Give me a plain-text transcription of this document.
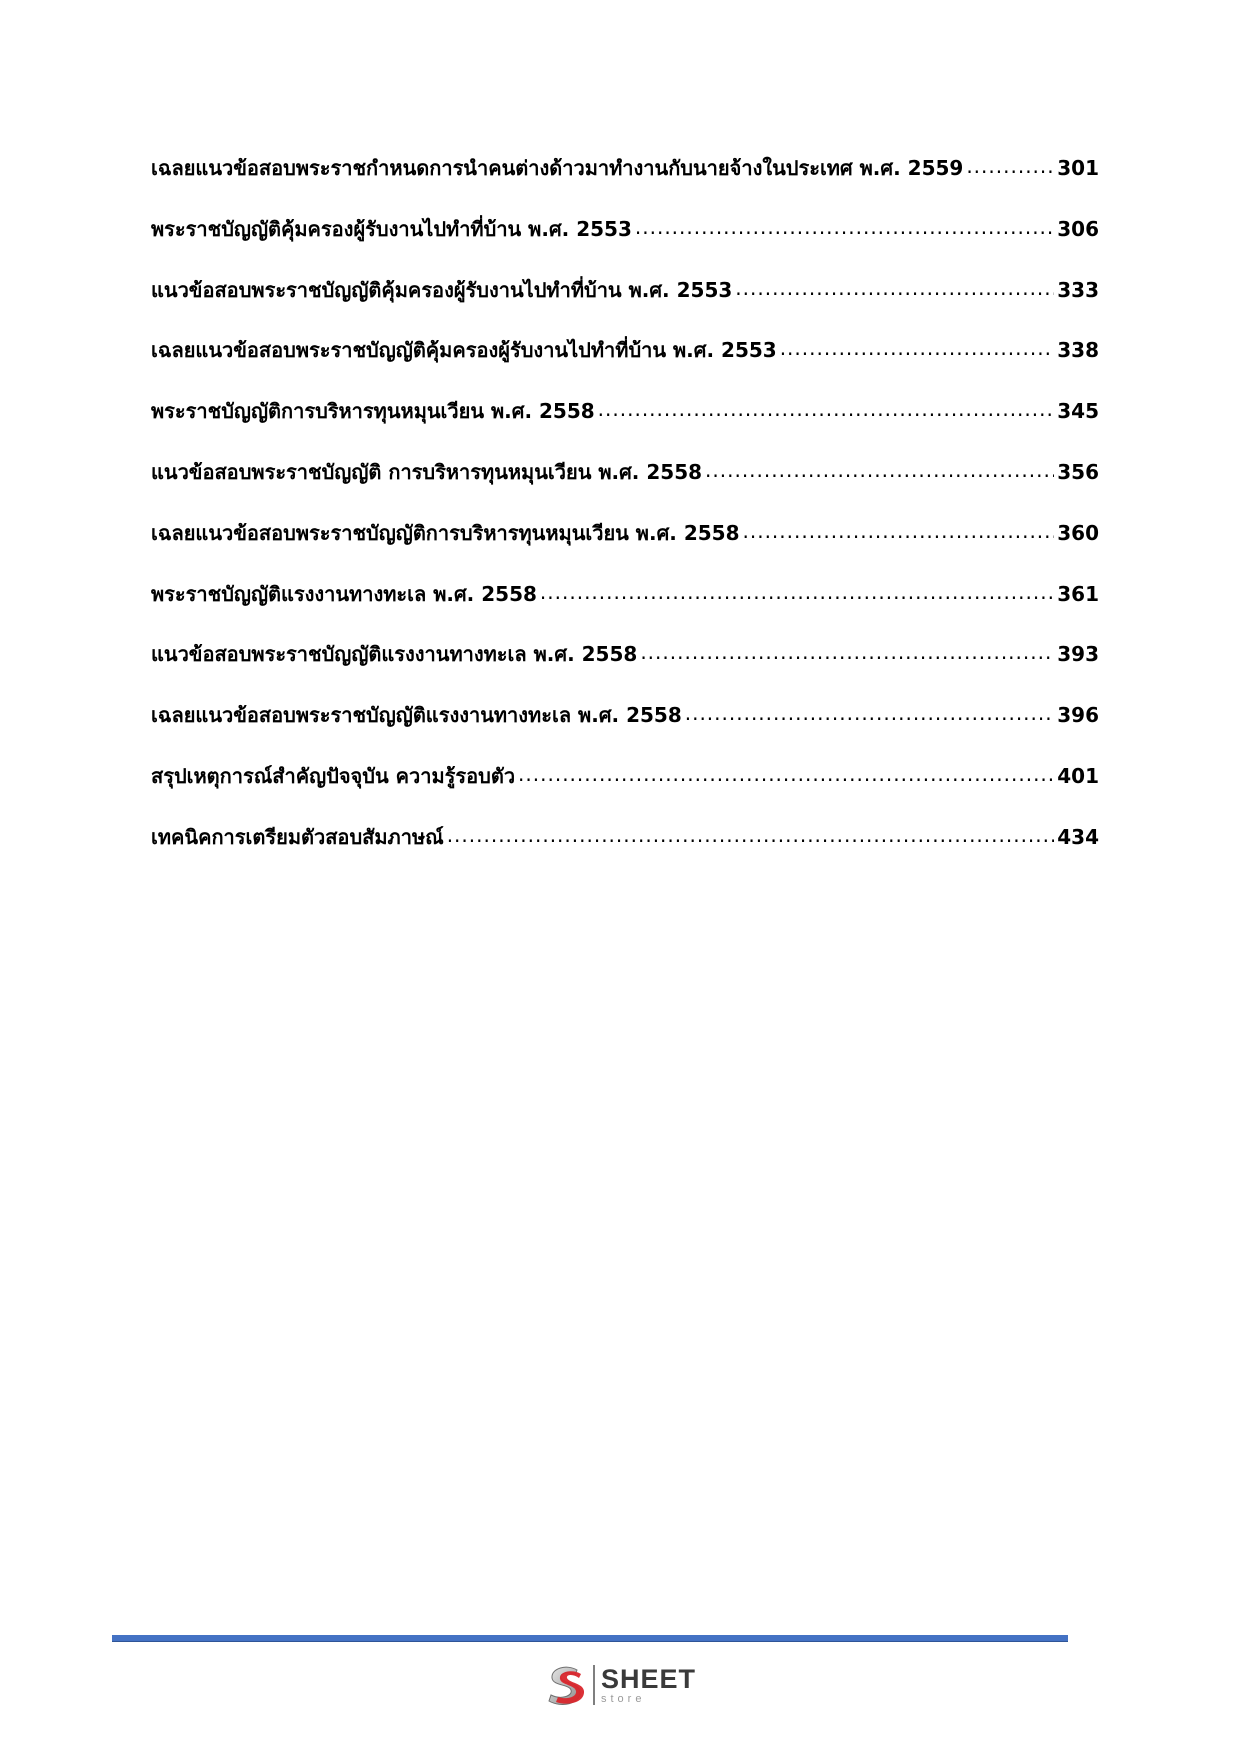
เฉลยแนวข้อสอบพระราชกำหนดการนำคนต่างด้าวมาทำงานกับนายจ้างในประเทศ พ.ศ. 2559 .....	301
พระราชบัญญัติคุ้มครองผู้รับงานไปทำที่บ้าน พ.ศ. 2553 .....	306
แนวข้อสอบพระราชบัญญัติคุ้มครองผู้รับงานไปทำที่บ้าน พ.ศ. 2553 .....	333
เฉลยแนวข้อสอบพระราชบัญญัติคุ้มครองผู้รับงานไปทำที่บ้าน พ.ศ. 2553 .....	338
พระราชบัญญัติการบริหารทุนหมุนเวียน พ.ศ. 2558 .....	345
แนวข้อสอบพระราชบัญญัติ การบริหารทุนหมุนเวียน พ.ศ. 2558 .....	356
เฉลยแนวข้อสอบพระราชบัญญัติการบริหารทุนหมุนเวียน พ.ศ. 2558 .....	360
พระราชบัญญัติแรงงานทางทะเล พ.ศ. 2558 .....	361
แนวข้อสอบพระราชบัญญัติแรงงานทางทะเล พ.ศ. 2558 .....	393
เฉลยแนวข้อสอบพระราชบัญญัติแรงงานทางทะเล พ.ศ. 2558 .....	396
สรุปเหตุการณ์สำคัญปัจจุบัน ความรู้รอบตัว .....	401
เทคนิคการเตรียมตัวสอบสัมภาษณ์ .....	434
SHEET
store
